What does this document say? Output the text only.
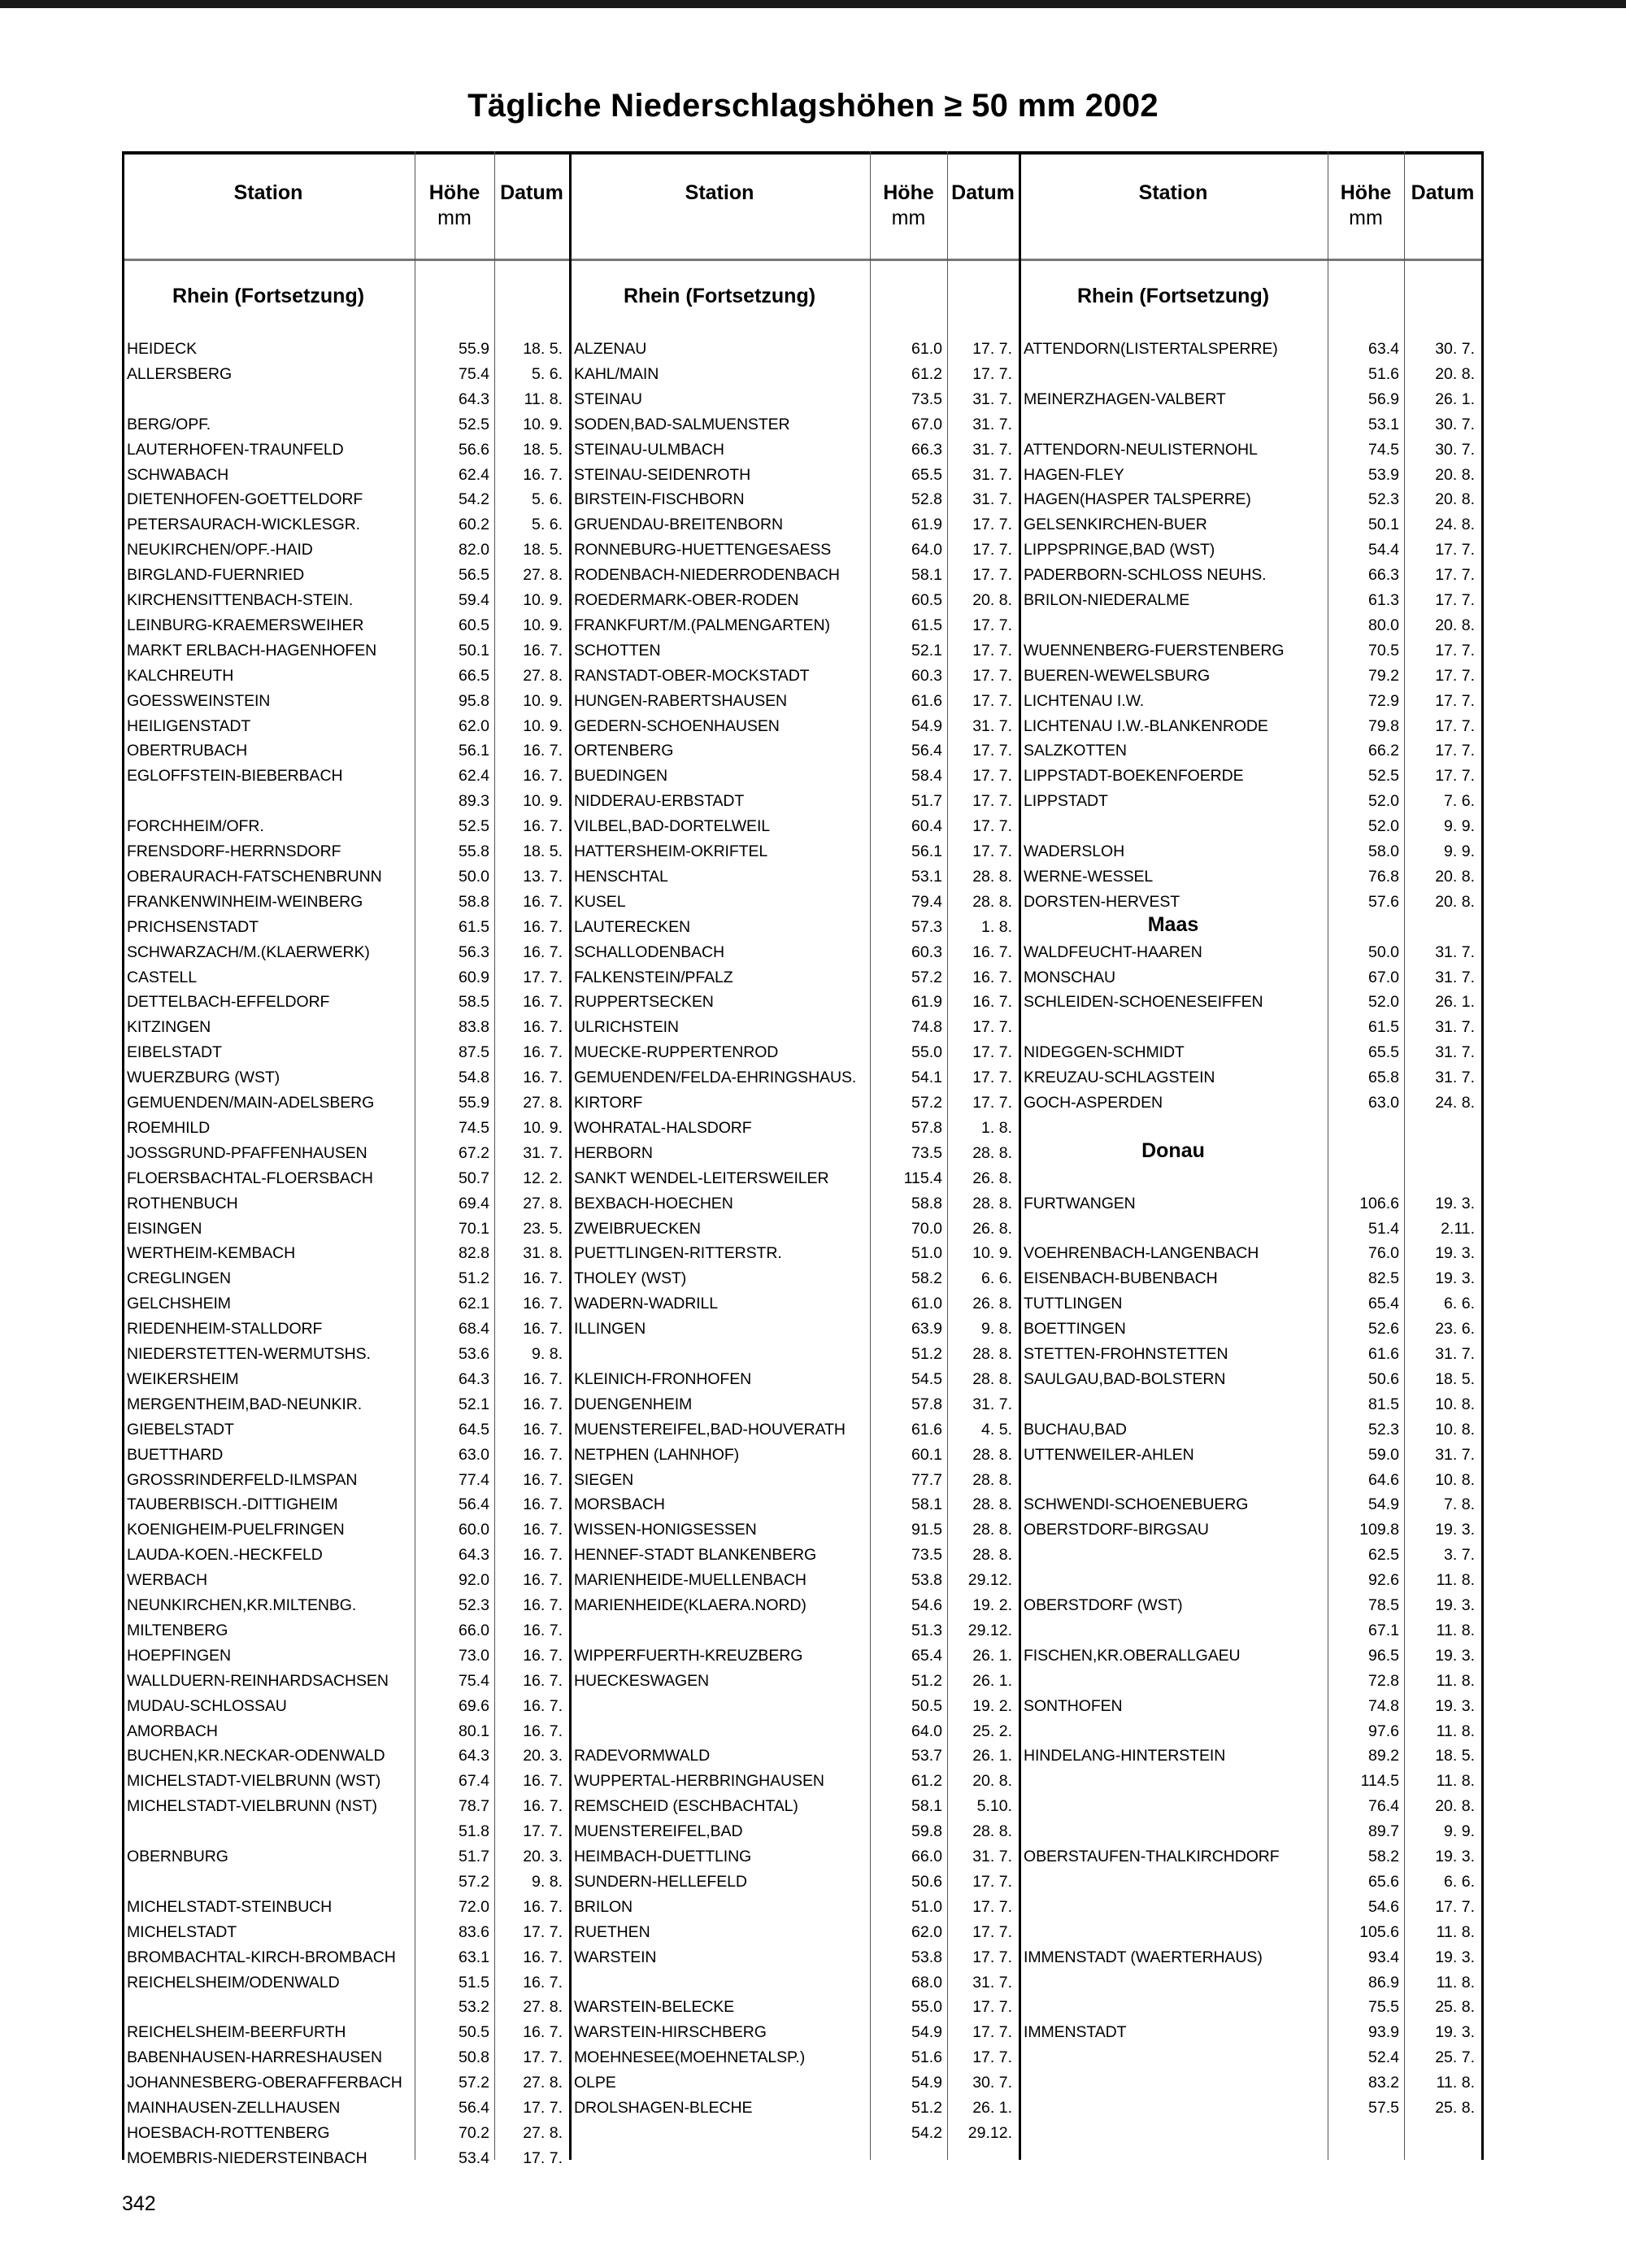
Tägliche Niederschlagshöhen ≥ 50 mm 2002
342
Station	Höhe
mm
Datum
Rhein (Fortsetzung)
HEIDECK	55.9	18. 5.
ALLERSBERG	75.4	5. 6.
64.3	11. 8.
BERG/OPF.	52.5	10. 9.
LAUTERHOFEN-TRAUNFELD	56.6	18. 5.
SCHWABACH	62.4	16. 7.
DIETENHOFEN-GOETTELDORF	54.2	5. 6.
PETERSAURACH-WICKLESGR.	60.2	5. 6.
NEUKIRCHEN/OPF.-HAID	82.0	18. 5.
BIRGLAND-FUERNRIED	56.5	27. 8.
KIRCHENSITTENBACH-STEIN.	59.4	10. 9.
LEINBURG-KRAEMERSWEIHER	60.5	10. 9.
MARKT ERLBACH-HAGENHOFEN	50.1	16. 7.
KALCHREUTH	66.5	27. 8.
GOESSWEINSTEIN	95.8	10. 9.
HEILIGENSTADT	62.0	10. 9.
OBERTRUBACH	56.1	16. 7.
EGLOFFSTEIN-BIEBERBACH	62.4	16. 7.
89.3	10. 9.
FORCHHEIM/OFR.	52.5	16. 7.
FRENSDORF-HERRNSDORF	55.8	18. 5.
OBERAURACH-FATSCHENBRUNN	50.0	13. 7.
FRANKENWINHEIM-WEINBERG	58.8	16. 7.
PRICHSENSTADT	61.5	16. 7.
SCHWARZACH/M.(KLAERWERK)	56.3	16. 7.
CASTELL	60.9	17. 7.
DETTELBACH-EFFELDORF	58.5	16. 7.
KITZINGEN	83.8	16. 7.
EIBELSTADT	87.5	16. 7.
WUERZBURG (WST)	54.8	16. 7.
GEMUENDEN/MAIN-ADELSBERG	55.9	27. 8.
ROEMHILD	74.5	10. 9.
JOSSGRUND-PFAFFENHAUSEN	67.2	31. 7.
FLOERSBACHTAL-FLOERSBACH	50.7	12. 2.
ROTHENBUCH	69.4	27. 8.
EISINGEN	70.1	23. 5.
WERTHEIM-KEMBACH	82.8	31. 8.
CREGLINGEN	51.2	16. 7.
GELCHSHEIM	62.1	16. 7.
RIEDENHEIM-STALLDORF	68.4	16. 7.
NIEDERSTETTEN-WERMUTSHS.	53.6	9. 8.
WEIKERSHEIM	64.3	16. 7.
MERGENTHEIM,BAD-NEUNKIR.	52.1	16. 7.
GIEBELSTADT	64.5	16. 7.
BUETTHARD	63.0	16. 7.
GROSSRINDERFELD-ILMSPAN	77.4	16. 7.
TAUBERBISCH.-DITTIGHEIM	56.4	16. 7.
KOENIGHEIM-PUELFRINGEN	60.0	16. 7.
LAUDA-KOEN.-HECKFELD	64.3	16. 7.
WERBACH	92.0	16. 7.
NEUNKIRCHEN,KR.MILTENBG.	52.3	16. 7.
MILTENBERG	66.0	16. 7.
HOEPFINGEN	73.0	16. 7.
WALLDUERN-REINHARDSACHSEN	75.4	16. 7.
MUDAU-SCHLOSSAU	69.6	16. 7.
AMORBACH	80.1	16. 7.
BUCHEN,KR.NECKAR-ODENWALD	64.3	20. 3.
MICHELSTADT-VIELBRUNN (WST)	67.4	16. 7.
MICHELSTADT-VIELBRUNN (NST)	78.7	16. 7.
51.8	17. 7.
OBERNBURG	51.7	20. 3.
57.2	9. 8.
MICHELSTADT-STEINBUCH	72.0	16. 7.
MICHELSTADT	83.6	17. 7.
BROMBACHTAL-KIRCH-BROMBACH	63.1	16. 7.
REICHELSHEIM/ODENWALD	51.5	16. 7.
53.2	27. 8.
REICHELSHEIM-BEERFURTH	50.5	16. 7.
BABENHAUSEN-HARRESHAUSEN	50.8	17. 7.
JOHANNESBERG-OBERAFFERBACH	57.2	27. 8.
MAINHAUSEN-ZELLHAUSEN	56.4	17. 7.
HOESBACH-ROTTENBERG	70.2	27. 8.
MOEMBRIS-NIEDERSTEINBACH	53.4	17. 7.
Station	Höhe
mm
Datum
Rhein (Fortsetzung)
ALZENAU	61.0	17. 7.
KAHL/MAIN	61.2	17. 7.
STEINAU	73.5	31. 7.
SODEN,BAD-SALMUENSTER	67.0	31. 7.
STEINAU-ULMBACH	66.3	31. 7.
STEINAU-SEIDENROTH	65.5	31. 7.
BIRSTEIN-FISCHBORN	52.8	31. 7.
GRUENDAU-BREITENBORN	61.9	17. 7.
RONNEBURG-HUETTENGESAESS	64.0	17. 7.
RODENBACH-NIEDERRODENBACH	58.1	17. 7.
ROEDERMARK-OBER-RODEN	60.5	20. 8.
FRANKFURT/M.(PALMENGARTEN)	61.5	17. 7.
SCHOTTEN	52.1	17. 7.
RANSTADT-OBER-MOCKSTADT	60.3	17. 7.
HUNGEN-RABERTSHAUSEN	61.6	17. 7.
GEDERN-SCHOENHAUSEN	54.9	31. 7.
ORTENBERG	56.4	17. 7.
BUEDINGEN	58.4	17. 7.
NIDDERAU-ERBSTADT	51.7	17. 7.
VILBEL,BAD-DORTELWEIL	60.4	17. 7.
HATTERSHEIM-OKRIFTEL	56.1	17. 7.
HENSCHTAL	53.1	28. 8.
KUSEL	79.4	28. 8.
LAUTERECKEN	57.3	1. 8.
SCHALLODENBACH	60.3	16. 7.
FALKENSTEIN/PFALZ	57.2	16. 7.
RUPPERTSECKEN	61.9	16. 7.
ULRICHSTEIN	74.8	17. 7.
MUECKE-RUPPERTENROD	55.0	17. 7.
GEMUENDEN/FELDA-EHRINGSHAUS.	54.1	17. 7.
KIRTORF	57.2	17. 7.
WOHRATAL-HALSDORF	57.8	1. 8.
HERBORN	73.5	28. 8.
SANKT WENDEL-LEITERSWEILER	115.4	26. 8.
BEXBACH-HOECHEN	58.8	28. 8.
ZWEIBRUECKEN	70.0	26. 8.
PUETTLINGEN-RITTERSTR.	51.0	10. 9.
THOLEY (WST)	58.2	6. 6.
WADERN-WADRILL	61.0	26. 8.
ILLINGEN	63.9	9. 8.
51.2	28. 8.
KLEINICH-FRONHOFEN	54.5	28. 8.
DUENGENHEIM	57.8	31. 7.
MUENSTEREIFEL,BAD-HOUVERATH	61.6	4. 5.
NETPHEN (LAHNHOF)	60.1	28. 8.
SIEGEN	77.7	28. 8.
MORSBACH	58.1	28. 8.
WISSEN-HONIGSESSEN	91.5	28. 8.
HENNEF-STADT BLANKENBERG	73.5	28. 8.
MARIENHEIDE-MUELLENBACH	53.8	29.12.
MARIENHEIDE(KLAERA.NORD)	54.6	19. 2.
51.3	29.12.
WIPPERFUERTH-KREUZBERG	65.4	26. 1.
HUECKESWAGEN	51.2	26. 1.
50.5	19. 2.
64.0	25. 2.
RADEVORMWALD	53.7	26. 1.
WUPPERTAL-HERBRINGHAUSEN	61.2	20. 8.
REMSCHEID (ESCHBACHTAL)	58.1	5.10.
MUENSTEREIFEL,BAD	59.8	28. 8.
HEIMBACH-DUETTLING	66.0	31. 7.
SUNDERN-HELLEFELD	50.6	17. 7.
BRILON	51.0	17. 7.
RUETHEN	62.0	17. 7.
WARSTEIN	53.8	17. 7.
68.0	31. 7.
WARSTEIN-BELECKE	55.0	17. 7.
WARSTEIN-HIRSCHBERG	54.9	17. 7.
MOEHNESEE(MOEHNETALSP.)	51.6	17. 7.
OLPE	54.9	30. 7.
DROLSHAGEN-BLECHE	51.2	26. 1.
54.2	29.12.
Station	Höhe
mm
Datum
Rhein (Fortsetzung)
ATTENDORN(LISTERTALSPERRE)	63.4	30. 7.
51.6	20. 8.
MEINERZHAGEN-VALBERT	56.9	26. 1.
53.1	30. 7.
ATTENDORN-NEULISTERNOHL	74.5	30. 7.
HAGEN-FLEY	53.9	20. 8.
HAGEN(HASPER TALSPERRE)	52.3	20. 8.
GELSENKIRCHEN-BUER	50.1	24. 8.
LIPPSPRINGE,BAD (WST)	54.4	17. 7.
PADERBORN-SCHLOSS NEUHS.	66.3	17. 7.
BRILON-NIEDERALME	61.3	17. 7.
80.0	20. 8.
WUENNENBERG-FUERSTENBERG	70.5	17. 7.
BUEREN-WEWELSBURG	79.2	17. 7.
LICHTENAU I.W.	72.9	17. 7.
LICHTENAU I.W.-BLANKENRODE	79.8	17. 7.
SALZKOTTEN	66.2	17. 7.
LIPPSTADT-BOEKENFOERDE	52.5	17. 7.
LIPPSTADT	52.0	7. 6.
52.0	9. 9.
WADERSLOH	58.0	9. 9.
WERNE-WESSEL	76.8	20. 8.
DORSTEN-HERVEST	57.6	20. 8.
Maas
WALDFEUCHT-HAAREN	50.0	31. 7.
MONSCHAU	67.0	31. 7.
SCHLEIDEN-SCHOENESEIFFEN	52.0	26. 1.
61.5	31. 7.
NIDEGGEN-SCHMIDT	65.5	31. 7.
KREUZAU-SCHLAGSTEIN	65.8	31. 7.
GOCH-ASPERDEN	63.0	24. 8.
Donau
FURTWANGEN	106.6	19. 3.
51.4	2.11.
VOEHRENBACH-LANGENBACH	76.0	19. 3.
EISENBACH-BUBENBACH	82.5	19. 3.
TUTTLINGEN	65.4	6. 6.
BOETTINGEN	52.6	23. 6.
STETTEN-FROHNSTETTEN	61.6	31. 7.
SAULGAU,BAD-BOLSTERN	50.6	18. 5.
81.5	10. 8.
BUCHAU,BAD	52.3	10. 8.
UTTENWEILER-AHLEN	59.0	31. 7.
64.6	10. 8.
SCHWENDI-SCHOENEBUERG	54.9	7. 8.
OBERSTDORF-BIRGSAU	109.8	19. 3.
62.5	3. 7.
92.6	11. 8.
OBERSTDORF (WST)	78.5	19. 3.
67.1	11. 8.
FISCHEN,KR.OBERALLGAEU	96.5	19. 3.
72.8	11. 8.
SONTHOFEN	74.8	19. 3.
97.6	11. 8.
HINDELANG-HINTERSTEIN	89.2	18. 5.
114.5	11. 8.
76.4	20. 8.
89.7	9. 9.
OBERSTAUFEN-THALKIRCHDORF	58.2	19. 3.
65.6	6. 6.
54.6	17. 7.
105.6	11. 8.
IMMENSTADT (WAERTERHAUS)	93.4	19. 3.
86.9	11. 8.
75.5	25. 8.
IMMENSTADT	93.9	19. 3.
52.4	25. 7.
83.2	11. 8.
57.5	25. 8.
